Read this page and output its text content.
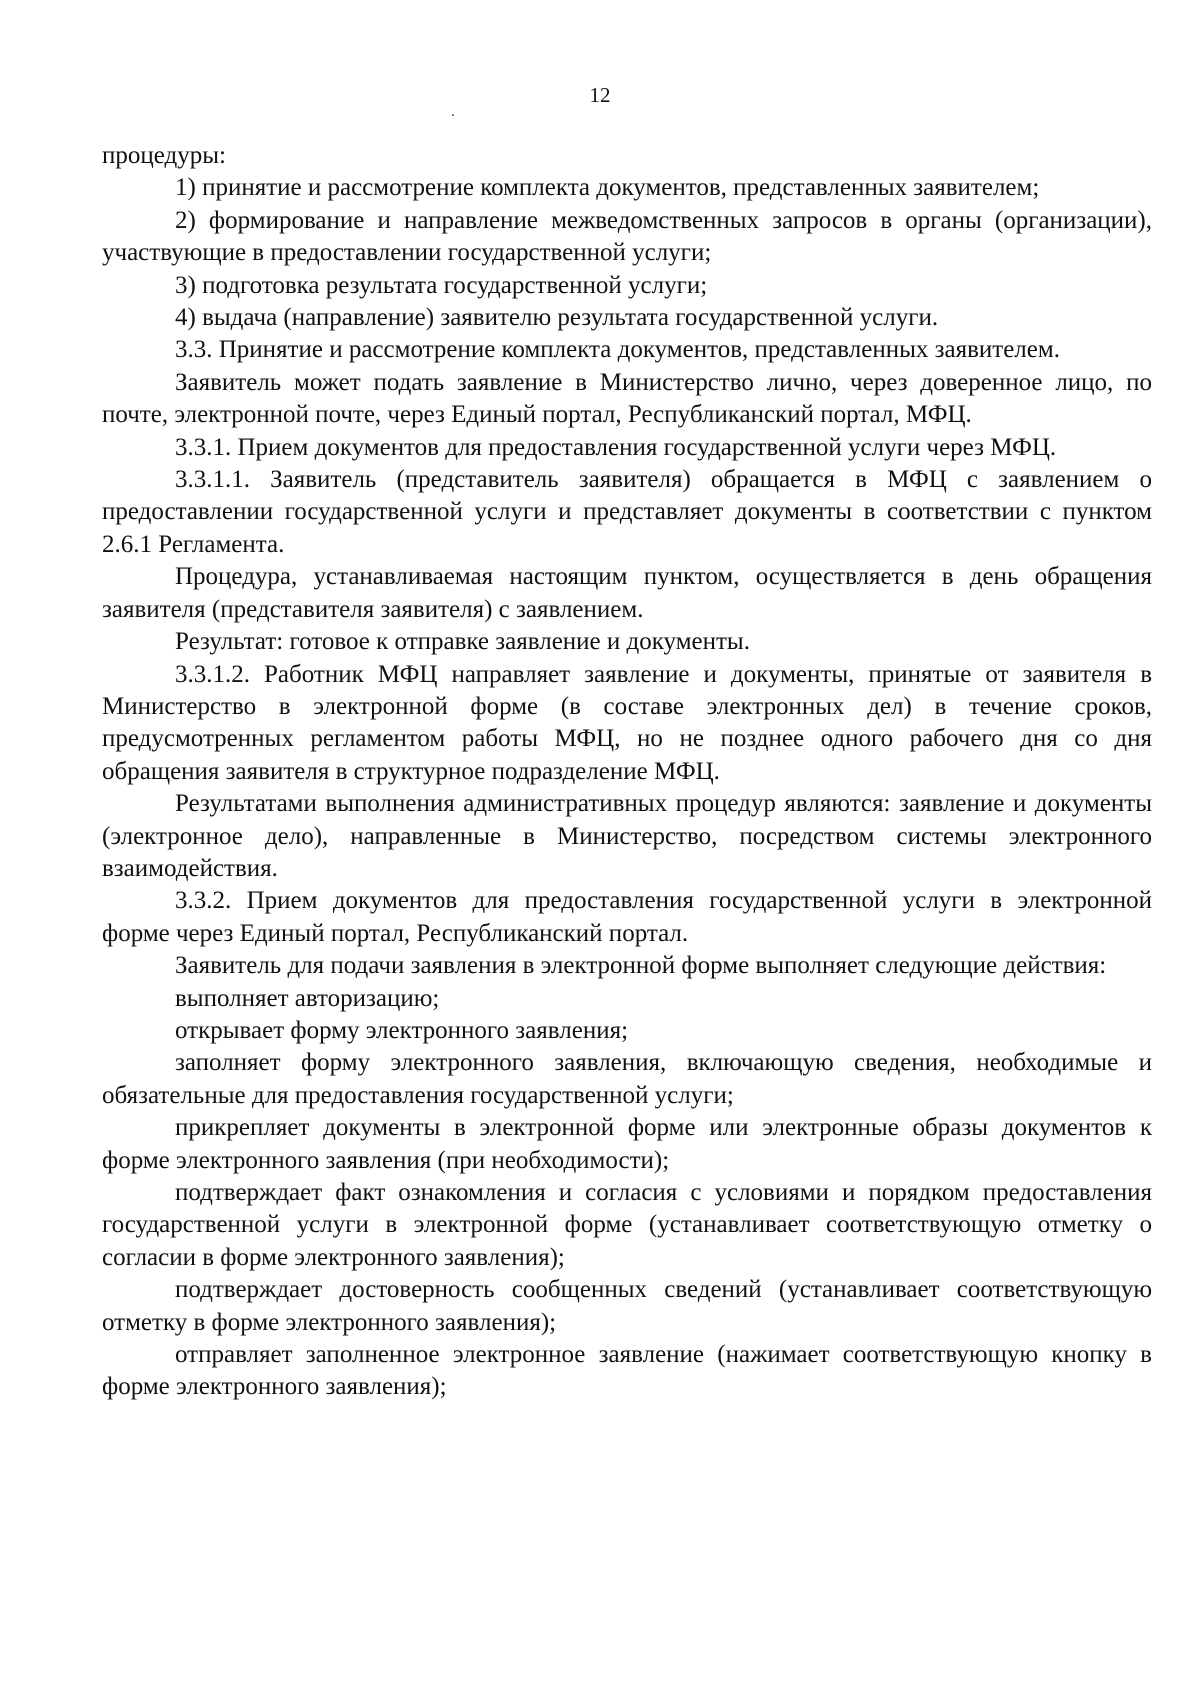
12

процедуры:

1) принятие и рассмотрение комплекта документов, представленных заявителем;

2) формирование и направление межведомственных запросов в органы (организации), участвующие в предоставлении государственной услуги;

3) подготовка результата государственной услуги;

4) выдача (направление) заявителю результата государственной услуги.

3.3. Принятие и рассмотрение комплекта документов, представленных заявителем.

Заявитель может подать заявление в Министерство лично, через доверенное лицо, по почте, электронной почте, через Единый портал, Республиканский портал, МФЦ.

3.3.1. Прием документов для предоставления государственной услуги через МФЦ.

3.3.1.1. Заявитель (представитель заявителя) обращается в МФЦ с заявлением о предоставлении государственной услуги и представляет документы в соответствии с пунктом 2.6.1 Регламента.

Процедура, устанавливаемая настоящим пунктом, осуществляется в день обращения заявителя (представителя заявителя) с заявлением.

Результат: готовое к отправке заявление и документы.

3.3.1.2. Работник МФЦ направляет заявление и документы, принятые от заявителя в Министерство в электронной форме (в составе электронных дел) в течение сроков, предусмотренных регламентом работы МФЦ, но не позднее одного рабочего дня со дня обращения заявителя в структурное подразделение МФЦ.

Результатами выполнения административных процедур являются: заявление и документы (электронное дело), направленные в Министерство, посредством системы электронного взаимодействия.

3.3.2. Прием документов для предоставления государственной услуги в электронной форме через Единый портал, Республиканский портал.

Заявитель для подачи заявления в электронной форме выполняет следующие действия:

выполняет авторизацию;

открывает форму электронного заявления;

заполняет форму электронного заявления, включающую сведения, необходимые и обязательные для предоставления государственной услуги;

прикрепляет документы в электронной форме или электронные образы документов к форме электронного заявления (при необходимости);

подтверждает факт ознакомления и согласия с условиями и порядком предоставления государственной услуги в электронной форме (устанавливает соответствующую отметку о согласии в форме электронного заявления);

подтверждает достоверность сообщенных сведений (устанавливает соответствующую отметку в форме электронного заявления);

отправляет заполненное электронное заявление (нажимает соответствующую кнопку в форме электронного заявления);
